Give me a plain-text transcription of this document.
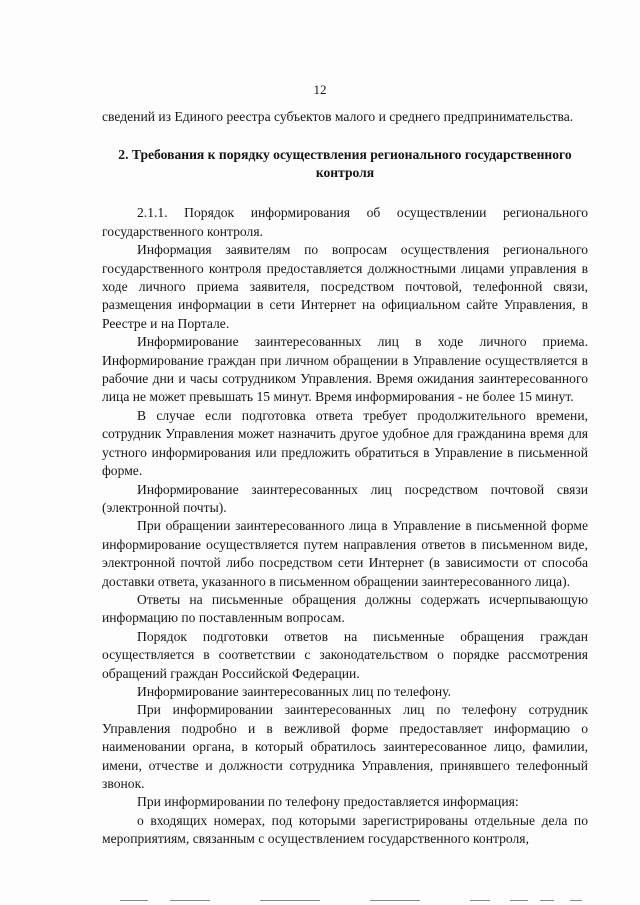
12

сведений из Единого реестра субъектов малого и среднего предпринимательства.

2. Требования к порядку осуществления регионального государственного контроля

2.1.1. Порядок информирования об осуществлении регионального государственного контроля.

Информация заявителям по вопросам осуществления регионального государственного контроля предоставляется должностными лицами управления в ходе личного приема заявителя, посредством почтовой, телефонной связи, размещения информации в сети Интернет на официальном сайте Управления, в Реестре и на Портале.

Информирование заинтересованных лиц в ходе личного приема. Информирование граждан при личном обращении в Управление осуществляется в рабочие дни и часы сотрудником Управления. Время ожидания заинтересованного лица не может превышать 15 минут. Время информирования - не более 15 минут.

В случае если подготовка ответа требует продолжительного времени, сотрудник Управления может назначить другое удобное для гражданина время для устного информирования или предложить обратиться в Управление в письменной форме.

Информирование заинтересованных лиц посредством почтовой связи (электронной почты).

При обращении заинтересованного лица в Управление в письменной форме информирование осуществляется путем направления ответов в письменном виде, электронной почтой либо посредством сети Интернет (в зависимости от способа доставки ответа, указанного в письменном обращении заинтересованного лица).

Ответы на письменные обращения должны содержать исчерпывающую информацию по поставленным вопросам.

Порядок подготовки ответов на письменные обращения граждан осуществляется в соответствии с законодательством о порядке рассмотрения обращений граждан Российской Федерации.

Информирование заинтересованных лиц по телефону.

При информировании заинтересованных лиц по телефону сотрудник Управления подробно и в вежливой форме предоставляет информацию о наименовании органа, в который обратилось заинтересованное лицо, фамилии, имени, отчестве и должности сотрудника Управления, принявшего телефонный звонок.

При информировании по телефону предоставляется информация:

о входящих номерах, под которыми зарегистрированы отдельные дела по мероприятиям, связанным с осуществлением государственного контроля,
